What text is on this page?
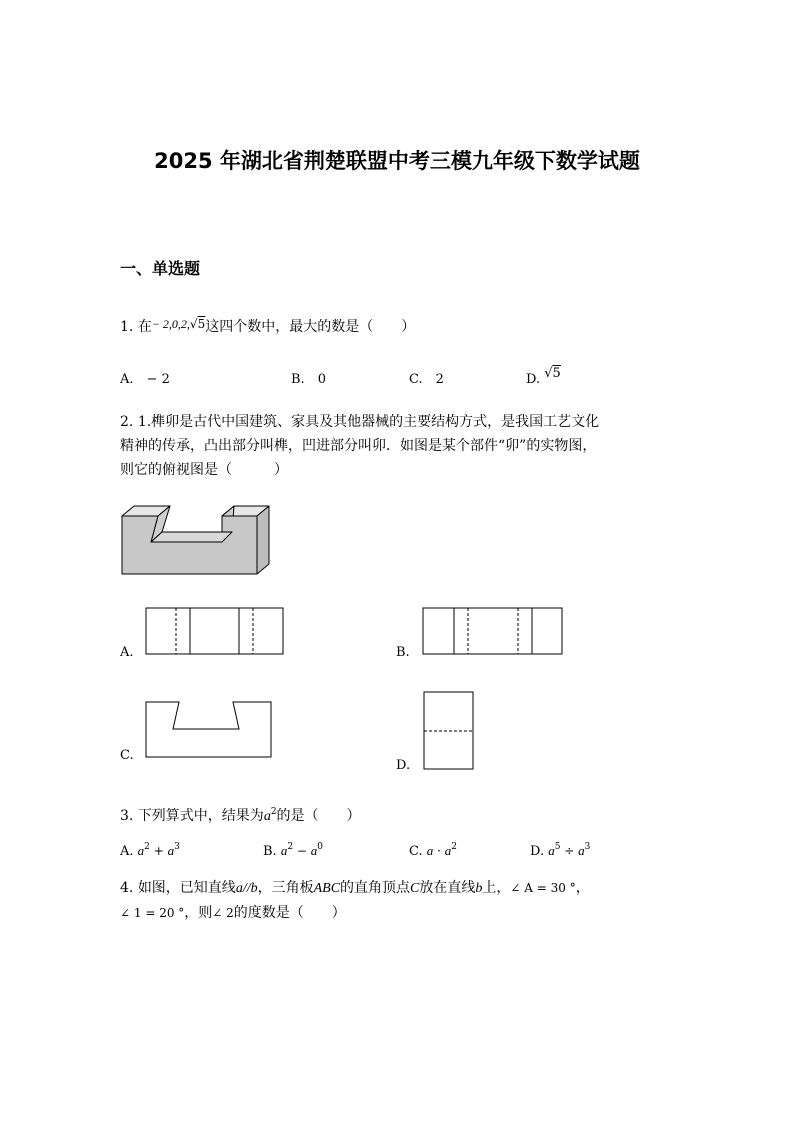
2025 年湖北省荆楚联盟中考三模九年级下数学试题
一、单选题
1. 在− 2,0,2,√5这四个数中，最大的数是（　　）
A.　 − 2	B.　 0	C.　 2	D. √5
2. 1.榫卯是古代中国建筑、家具及其他器械的主要结构方式，是我国工艺文化
精神的传承，凸出部分叫榫，凹进部分叫卯．如图是某个部件“卯”的实物图，
则它的俯视图是（　　　）
A.	B.
C.
D.
3. 下列算式中，结果为$a^2$的是（　　）
A. $a^2 + a^3$	B. $a^2 - a^0$	C. $a \cdot a^2$	D. $a^5 \div a^3$
4. 如图，已知直线a//b，三角板ABC的直角顶点C放在直线b上，∠ A = 30 °，
∠ 1 = 20 °，则∠ 2的度数是（　　）
